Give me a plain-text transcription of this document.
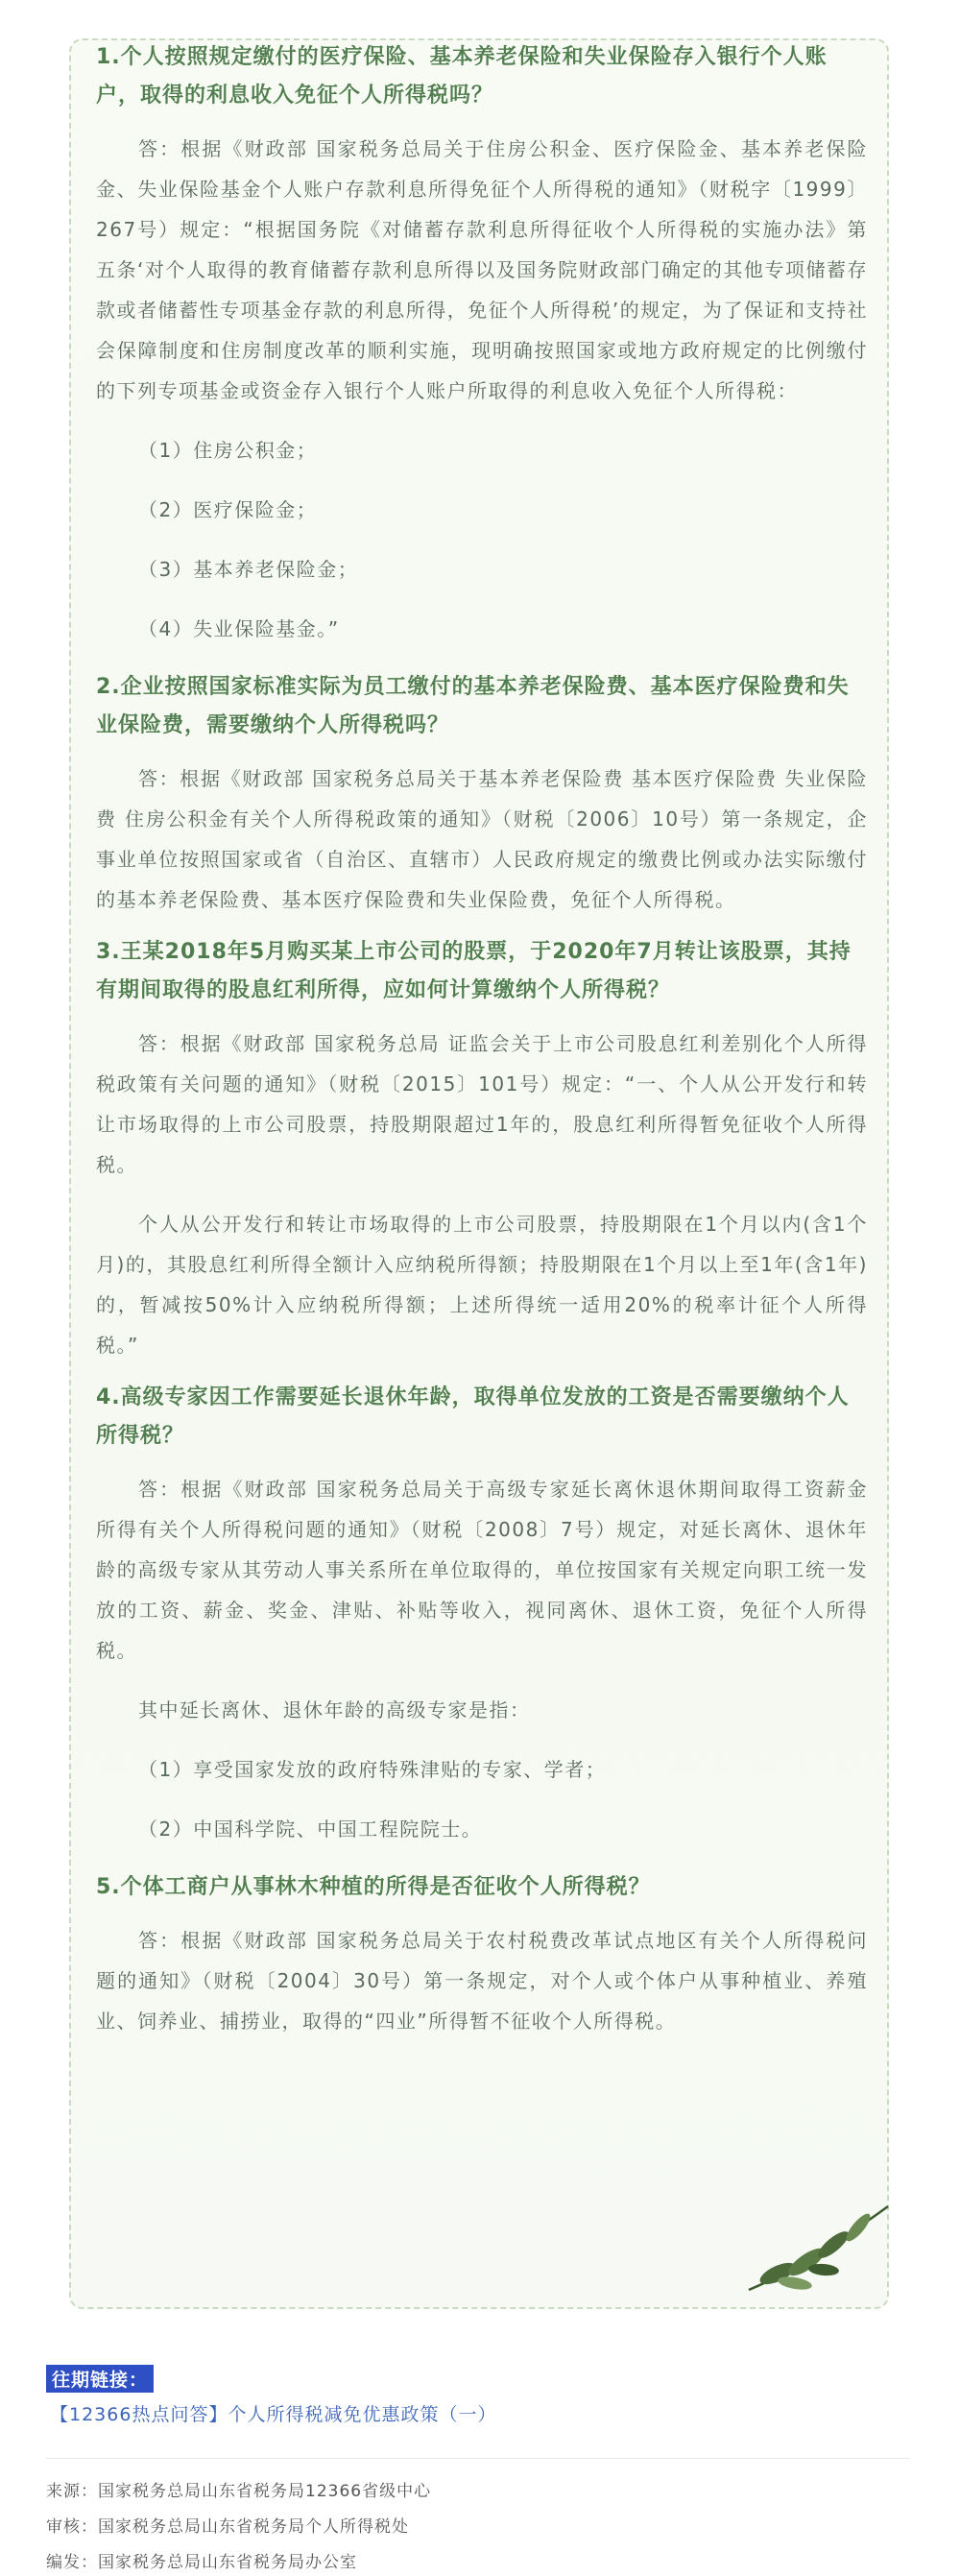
1.个人按照规定缴付的医疗保险、基本养老保险和失业保险存入银行个人账户，取得的利息收入免征个人所得税吗？

答：根据《财政部 国家税务总局关于住房公积金、医疗保险金、基本养老保险金、失业保险基金个人账户存款利息所得免征个人所得税的通知》（财税字〔1999〕267号）规定：“根据国务院《对储蓄存款利息所得征收个人所得税的实施办法》第五条‘对个人取得的教育储蓄存款利息所得以及国务院财政部门确定的其他专项储蓄存款或者储蓄性专项基金存款的利息所得，免征个人所得税’的规定，为了保证和支持社会保障制度和住房制度改革的顺利实施，现明确按照国家或地方政府规定的比例缴付的下列专项基金或资金存入银行个人账户所取得的利息收入免征个人所得税：

（1）住房公积金；

（2）医疗保险金；

（3）基本养老保险金；

（4）失业保险基金。”

2.企业按照国家标准实际为员工缴付的基本养老保险费、基本医疗保险费和失业保险费，需要缴纳个人所得税吗？

答：根据《财政部 国家税务总局关于基本养老保险费 基本医疗保险费 失业保险费 住房公积金有关个人所得税政策的通知》（财税〔2006〕10号）第一条规定，企事业单位按照国家或省（自治区、直辖市）人民政府规定的缴费比例或办法实际缴付的基本养老保险费、基本医疗保险费和失业保险费，免征个人所得税。

3.王某2018年5月购买某上市公司的股票，于2020年7月转让该股票，其持有期间取得的股息红利所得，应如何计算缴纳个人所得税？

答：根据《财政部 国家税务总局 证监会关于上市公司股息红利差别化个人所得税政策有关问题的通知》（财税〔2015〕101号）规定：“一、个人从公开发行和转让市场取得的上市公司股票，持股期限超过1年的，股息红利所得暂免征收个人所得税。

个人从公开发行和转让市场取得的上市公司股票，持股期限在1个月以内(含1个月)的，其股息红利所得全额计入应纳税所得额；持股期限在1个月以上至1年(含1年)的，暂减按50%计入应纳税所得额；上述所得统一适用20%的税率计征个人所得税。”

4.高级专家因工作需要延长退休年龄，取得单位发放的工资是否需要缴纳个人所得税？

答：根据《财政部 国家税务总局关于高级专家延长离休退休期间取得工资薪金所得有关个人所得税问题的通知》（财税〔2008〕7号）规定，对延长离休、退休年龄的高级专家从其劳动人事关系所在单位取得的，单位按国家有关规定向职工统一发放的工资、薪金、奖金、津贴、补贴等收入，视同离休、退休工资，免征个人所得税。

其中延长离休、退休年龄的高级专家是指：

（1）享受国家发放的政府特殊津贴的专家、学者；

（2）中国科学院、中国工程院院士。

5.个体工商户从事林木种植的所得是否征收个人所得税？

答：根据《财政部 国家税务总局关于农村税费改革试点地区有关个人所得税问题的通知》（财税〔2004〕30号）第一条规定，对个人或个体户从事种植业、养殖业、饲养业、捕捞业，取得的“四业”所得暂不征收个人所得税。

往期链接：
【12366热点问答】个人所得税减免优惠政策（一）
来源：国家税务总局山东省税务局12366省级中心
审核：国家税务总局山东省税务局个人所得税处
编发：国家税务总局山东省税务局办公室
